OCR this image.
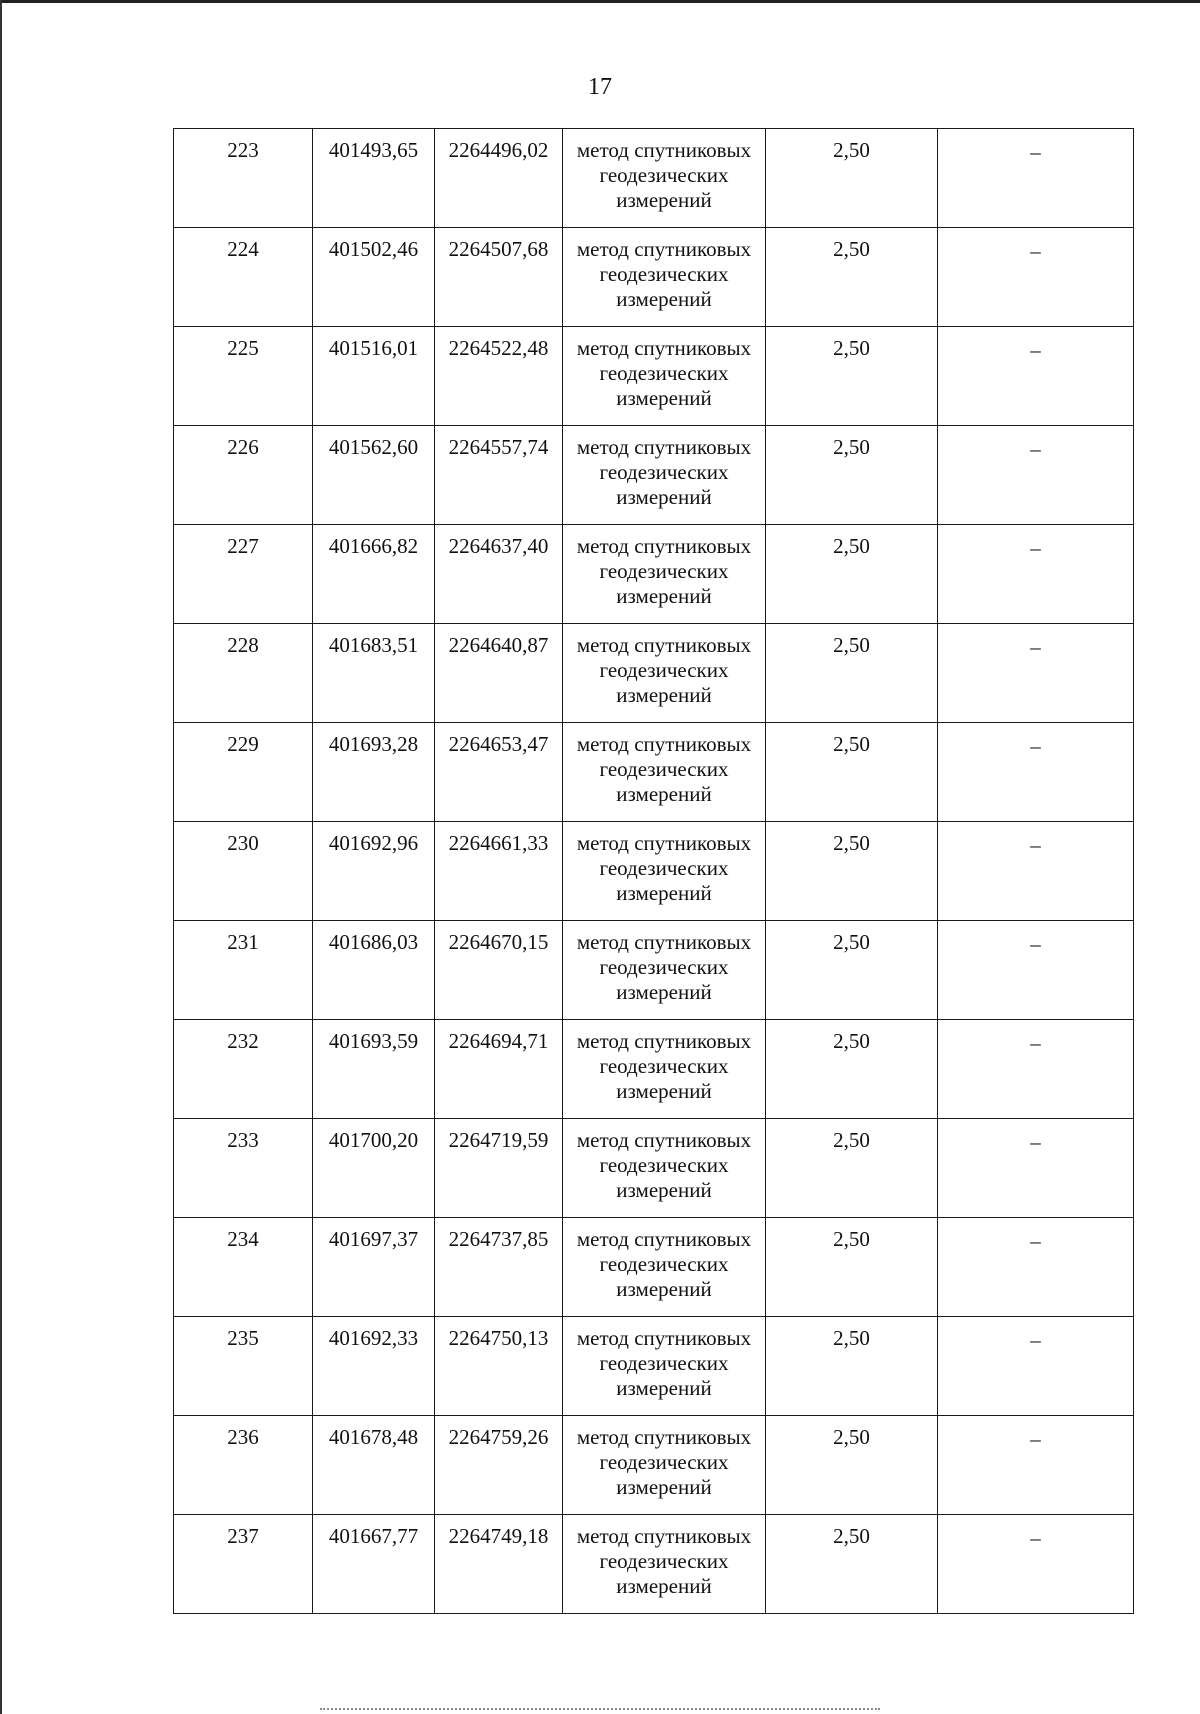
17
223	401493,65	2264496,02	метод спутниковых геодезических измерений	2,50	–
224	401502,46	2264507,68	метод спутниковых геодезических измерений	2,50	–
225	401516,01	2264522,48	метод спутниковых геодезических измерений	2,50	–
226	401562,60	2264557,74	метод спутниковых геодезических измерений	2,50	–
227	401666,82	2264637,40	метод спутниковых геодезических измерений	2,50	–
228	401683,51	2264640,87	метод спутниковых геодезических измерений	2,50	–
229	401693,28	2264653,47	метод спутниковых геодезических измерений	2,50	–
230	401692,96	2264661,33	метод спутниковых геодезических измерений	2,50	–
231	401686,03	2264670,15	метод спутниковых геодезических измерений	2,50	–
232	401693,59	2264694,71	метод спутниковых геодезических измерений	2,50	–
233	401700,20	2264719,59	метод спутниковых геодезических измерений	2,50	–
234	401697,37	2264737,85	метод спутниковых геодезических измерений	2,50	–
235	401692,33	2264750,13	метод спутниковых геодезических измерений	2,50	–
236	401678,48	2264759,26	метод спутниковых геодезических измерений	2,50	–
237	401667,77	2264749,18	метод спутниковых геодезических измерений	2,50	–
